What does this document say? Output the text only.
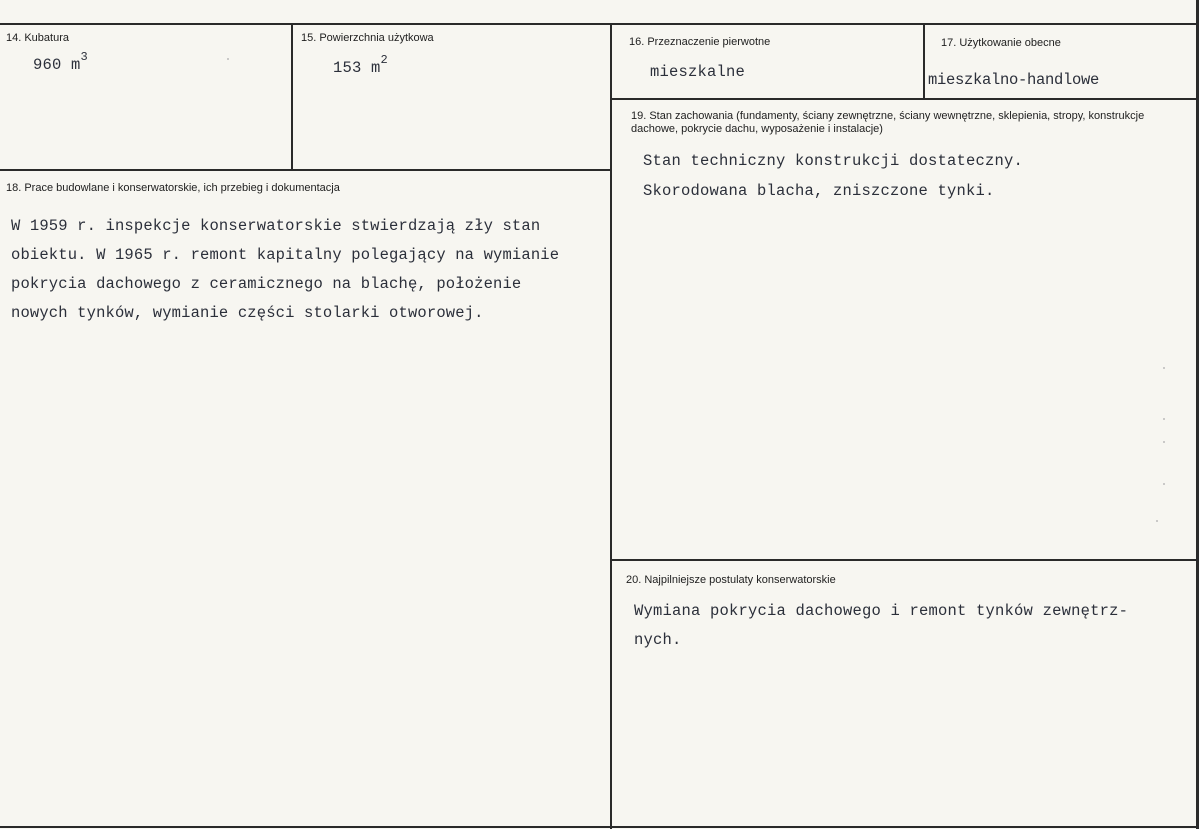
14. Kubatura
960 $m^3$
15. Powierzchnia użytkowa
153 $m^2$
16. Przeznaczenie pierwotne
mieszkalne
17. Użytkowanie obecne
mieszkalno-handlowe
18. Prace budowlane i konserwatorskie, ich przebieg i dokumentacja
W 1959 r. inspekcje konserwatorskie stwierdzają zły stan
obiektu. W 1965 r. remont kapitalny polegający na wymianie
pokrycia dachowego z ceramicznego na blachę, położenie
nowych tynków, wymianie części stolarki otworowej.
19. Stan zachowania (fundamenty, ściany zewnętrzne, ściany wewnętrzne, sklepienia, stropy, konstrukcje dachowe, pokrycie dachu, wyposażenie i instalacje)
Stan techniczny konstrukcji dostateczny.
Skorodowana blacha, zniszczone tynki.
20. Najpilniejsze postulaty konserwatorskie
Wymiana pokrycia dachowego i remont tynków zewnętrz-
nych.
